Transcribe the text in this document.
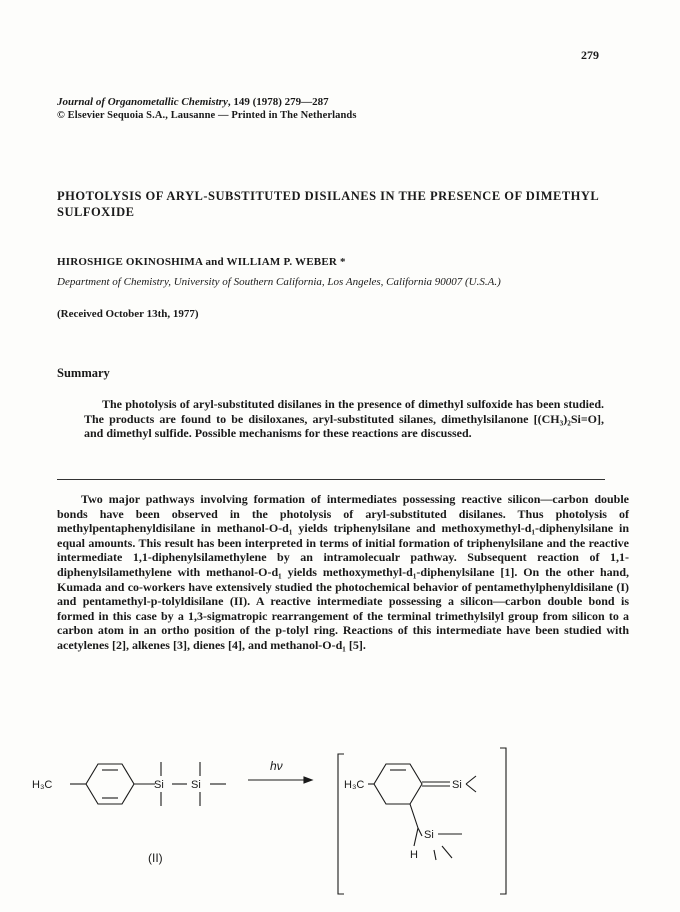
279
Journal of Organometallic Chemistry, 149 (1978) 279—287
© Elsevier Sequoia S.A., Lausanne — Printed in The Netherlands
PHOTOLYSIS OF ARYL-SUBSTITUTED DISILANES IN THE PRESENCE OF DIMETHYL SULFOXIDE
HIROSHIGE OKINOSHIMA and WILLIAM P. WEBER *
Department of Chemistry, University of Southern California, Los Angeles, California 90007 (U.S.A.)
(Received October 13th, 1977)
Summary
The photolysis of aryl-substituted disilanes in the presence of dimethyl sulfoxide has been studied. The products are found to be disiloxanes, aryl-substituted silanes, dimethylsilanone [(CH₃)₂Si=O], and dimethyl sulfide. Possible mechanisms for these reactions are discussed.
Two major pathways involving formation of intermediates possessing reactive silicon—carbon double bonds have been observed in the photolysis of aryl-substituted disilanes. Thus photolysis of methylpentaphenyldisilane in methanol-O-d₁ yields triphenylsilane and methoxymethyl-d₁-diphenylsilane in equal amounts. This result has been interpreted in terms of initial formation of triphenylsilane and the reactive intermediate 1,1-diphenylsilamethylene by an intramolecualr pathway. Subsequent reaction of 1,1-diphenylsilamethylene with methanol-O-d₁ yields methoxymethyl-d₁-diphenylsilane [1]. On the other hand, Kumada and co-workers have extensively studied the photochemical behavior of pentamethylphenyldisilane (I) and pentamethyl-p-tolyldisilane (II). A reactive intermediate possessing a silicon—carbon double bond is formed in this case by a 1,3-sigmatropic rearrangement of the terminal trimethylsilyl group from silicon to a carbon atom in an ortho position of the p-tolyl ring. Reactions of this intermediate have been studied with acetylenes [2], alkenes [3], dienes [4], and methanol-O-d₁ [5].
H₃C	Si Si
hν
H₃C	Si
Si
H
(II)
